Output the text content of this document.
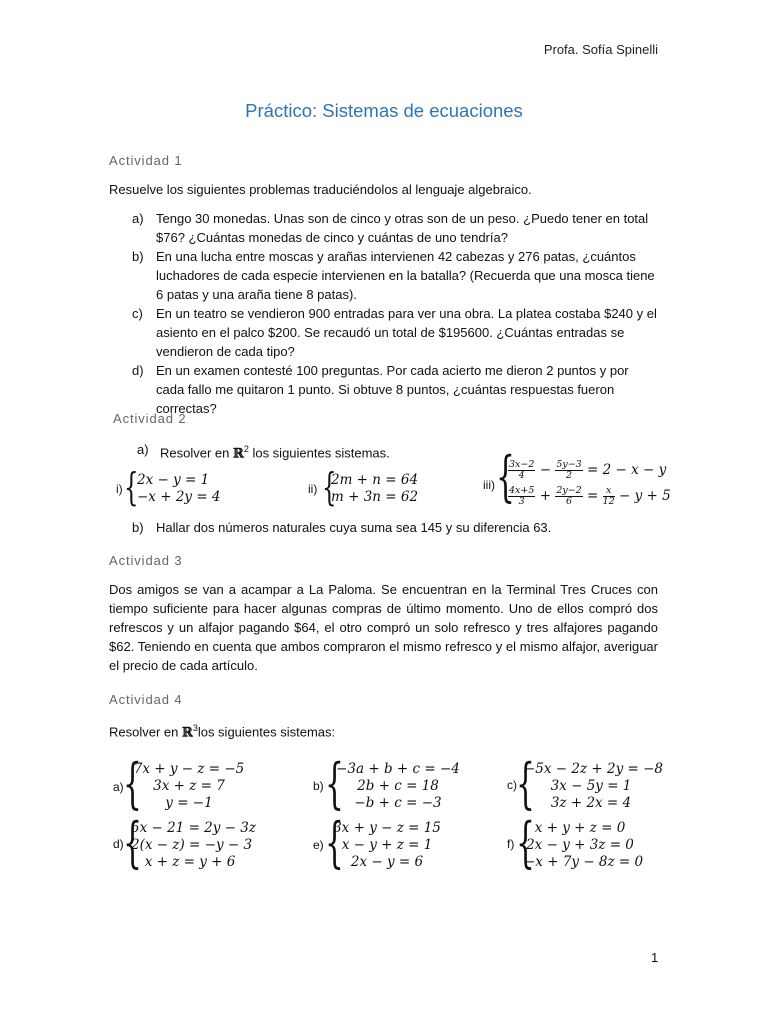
Profa. Sofía Spinelli
Práctico: Sistemas de ecuaciones
Actividad 1
Resuelve los siguientes problemas traduciéndolos al lenguaje algebraico.
a) Tengo 30 monedas. Unas son de cinco y otras son de un peso. ¿Puedo tener en total $76? ¿Cuántas monedas de cinco y cuántas de uno tendría?
b) En una lucha entre moscas y arañas intervienen 42 cabezas y 276 patas, ¿cuántos luchadores de cada especie intervienen en la batalla? (Recuerda que una mosca tiene 6 patas y una araña tiene 8 patas).
c) En un teatro se vendieron 900 entradas para ver una obra. La platea costaba $240 y el asiento en el palco $200. Se recaudó un total de $195600. ¿Cuántas entradas se vendieron de cada tipo?
d) En un examen contesté 100 preguntas. Por cada acierto me dieron 2 puntos y por cada fallo me quitaron 1 punto. Si obtuve 8 puntos, ¿cuántas respuestas fueron correctas?
Actividad 2
a) Resolver en ℝ$^2$ los siguientes sistemas.
i) {
2x − y = 1
−x + 2y = 4	ii) {
2m + n = 64
m + 3n = 62
iii) {
$\frac{3x-2}{4} - \frac{5y-3}{2} = 2 - x - y$
$\frac{4x+5}{3} + \frac{2y-2}{6} = \frac{x}{12} - y + 5$
b) Hallar dos números naturales cuya suma sea 145 y su diferencia 63.
Actividad 3
Dos amigos se van a acampar a La Paloma. Se encuentran en la Terminal Tres Cruces con tiempo suficiente para hacer algunas compras de último momento. Uno de ellos compró dos refrescos y un alfajor pagando $64, el otro compró un solo refresco y tres alfajores pagando $62. Teniendo en cuenta que ambos compraron el mismo refresco y el mismo alfajor, averiguar el precio de cada artículo.
Actividad 4
Resolver en ℝ$^3$los siguientes sistemas:
a) {
7x + y − z = −5
3x + z = 7
y = −1
b) {
−3a + b + c = −4
2b + c = 18
−b + c = −3
c) {
−5x − 2z + 2y = −8
3x − 5y = 1
3z + 2x = 4
d) {
5x − 21 = 2y − 3z
2(x − z) = −y − 3
x + z = y + 6
e) {
3x + y − z = 15
x − y + z = 1
2x − y = 6
f) { x + y + z = 0
2x − y + 3z = 0
−x + 7y − 8z = 0
1
